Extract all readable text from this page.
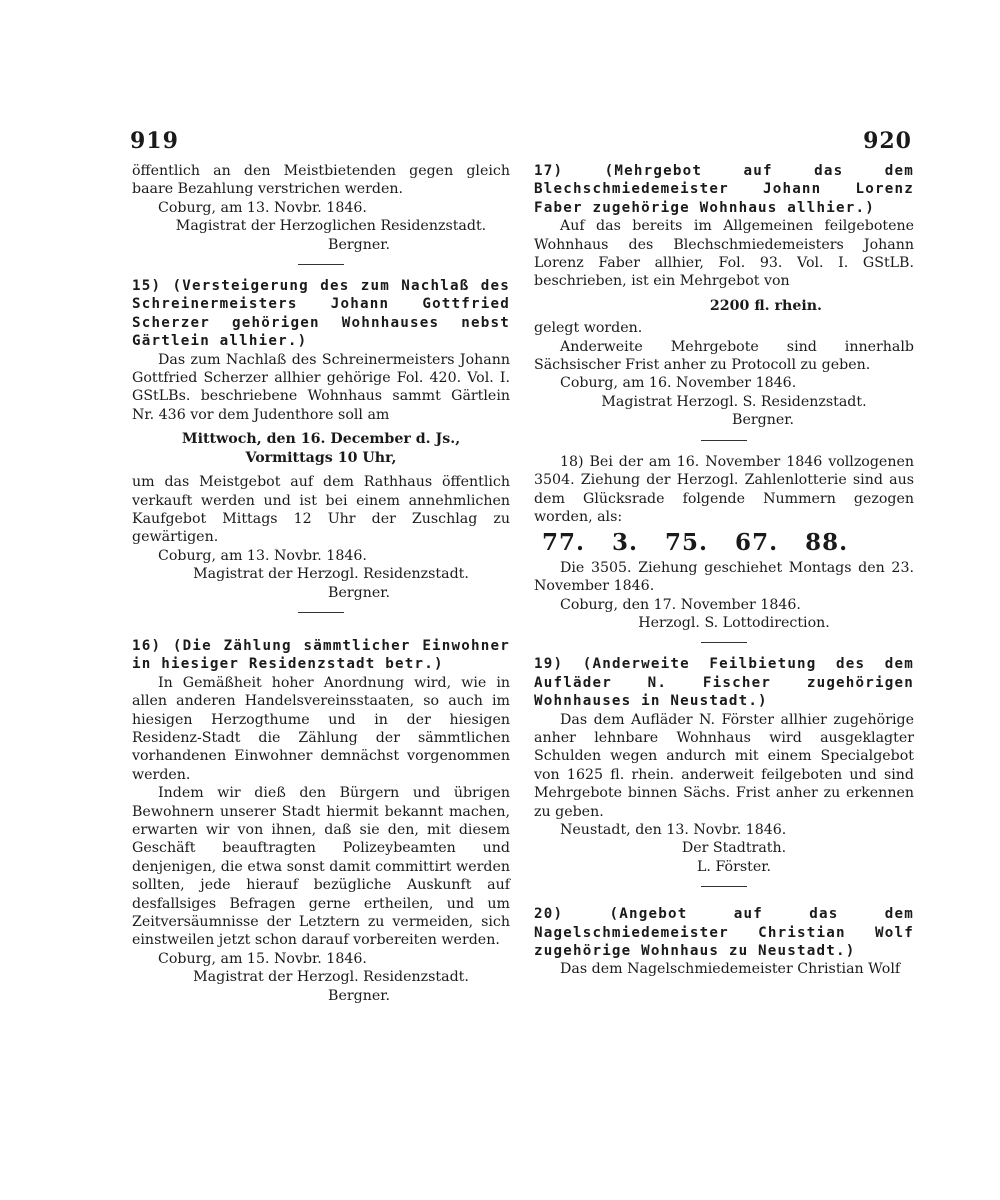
919	920

öffentlich an den Meistbietenden gegen gleich baare Bezahlung verstrichen werden.

Coburg, am 13. Novbr. 1846.

Magistrat der Herzoglichen Residenzstadt.

Bergner.

15) (Versteigerung des zum Nachlaß des Schreinermeisters Johann Gottfried Scherzer gehörigen Wohnhauses nebst Gärtlein allhier.)

Das zum Nachlaß des Schreinermeisters Johann Gottfried Scherzer allhier gehörige Fol. 420. Vol. I. GStLBs. beschriebene Wohnhaus sammt Gärtlein Nr. 436 vor dem Judenthore soll am

Mittwoch, den 16. December d. Js.,

Vormittags 10 Uhr,

um das Meistgebot auf dem Rathhaus öffentlich verkauft werden und ist bei einem annehmlichen Kaufgebot Mittags 12 Uhr der Zuschlag zu gewärtigen.

Coburg, am 13. Novbr. 1846.

Magistrat der Herzogl. Residenzstadt.

Bergner.

16) (Die Zählung sämmtlicher Einwohner in hiesiger Residenzstadt betr.)

In Gemäßheit hoher Anordnung wird, wie in allen anderen Handelsvereinsstaaten, so auch im hiesigen Herzogthume und in der hiesigen Residenz-Stadt die Zählung der sämmtlichen vorhandenen Einwohner demnächst vorgenommen werden.

Indem wir dieß den Bürgern und übrigen Bewohnern unserer Stadt hiermit bekannt machen, erwarten wir von ihnen, daß sie den, mit diesem Geschäft beauftragten Polizeybeamten und denjenigen, die etwa sonst damit committirt werden sollten, jede hierauf bezügliche Auskunft auf desfallsiges Befragen gerne ertheilen, und um Zeitversäumnisse der Letztern zu vermeiden, sich einstweilen jetzt schon darauf vorbereiten werden.

Coburg, am 15. Novbr. 1846.

Magistrat der Herzogl. Residenzstadt.

Bergner.

17) (Mehrgebot auf das dem Blechschmiedemeister Johann Lorenz Faber zugehörige Wohnhaus allhier.)

Auf das bereits im Allgemeinen feilgebotene Wohnhaus des Blechschmiedemeisters Johann Lorenz Faber allhier, Fol. 93. Vol. I. GStLB. beschrieben, ist ein Mehrgebot von

2200 fl. rhein.

gelegt worden.

Anderweite Mehrgebote sind innerhalb Sächsischer Frist anher zu Protocoll zu geben.

Coburg, am 16. November 1846.

Magistrat Herzogl. S. Residenzstadt.

Bergner.

18) Bei der am 16. November 1846 vollzogenen 3504. Ziehung der Herzogl. Zahlenlotterie sind aus dem Glücksrade folgende Nummern gezogen worden, als:

77. 3. 75. 67. 88.

Die 3505. Ziehung geschiehet Montags den 23. November 1846.

Coburg, den 17. November 1846.

Herzogl. S. Lottodirection.

19) (Anderweite Feilbietung des dem Aufläder N. Fischer zugehörigen Wohnhauses in Neustadt.)

Das dem Aufläder N. Förster allhier zugehörige anher lehnbare Wohnhaus wird ausgeklagter Schulden wegen andurch mit einem Specialgebot von 1625 fl. rhein. anderweit feilgeboten und sind Mehrgebote binnen Sächs. Frist anher zu erkennen zu geben.

Neustadt, den 13. Novbr. 1846.

Der Stadtrath.

L. Förster.

20) (Angebot auf das dem Nagelschmiedemeister Christian Wolf zugehörige Wohnhaus zu Neustadt.)

Das dem Nagelschmiedemeister Christian Wolf
